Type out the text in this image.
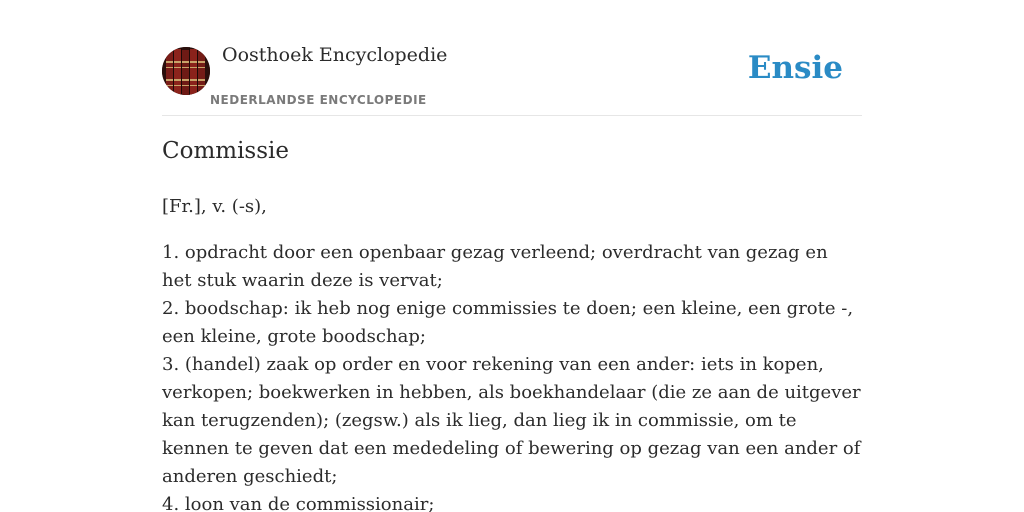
Oosthoek Encyclopedie
NEDERLANDSE ENCYCLOPEDIE
Ensie
Commissie

[Fr.], v. (-s),

1. opdracht door een openbaar gezag verleend; overdracht van gezag en het stuk waarin deze is vervat;
2. boodschap: ik heb nog enige commissies te doen; een kleine, een grote -, een kleine, grote boodschap;
3. (handel) zaak op order en voor rekening van een ander: iets in kopen, verkopen; boekwerken in hebben, als boekhandelaar (die ze aan de uitgever kan terugzenden); (zegsw.) als ik lieg, dan lieg ik in commissie, om te kennen te geven dat een mededeling of bewering op gezag van een ander of anderen geschiedt;
4. loon van de commissionair;
